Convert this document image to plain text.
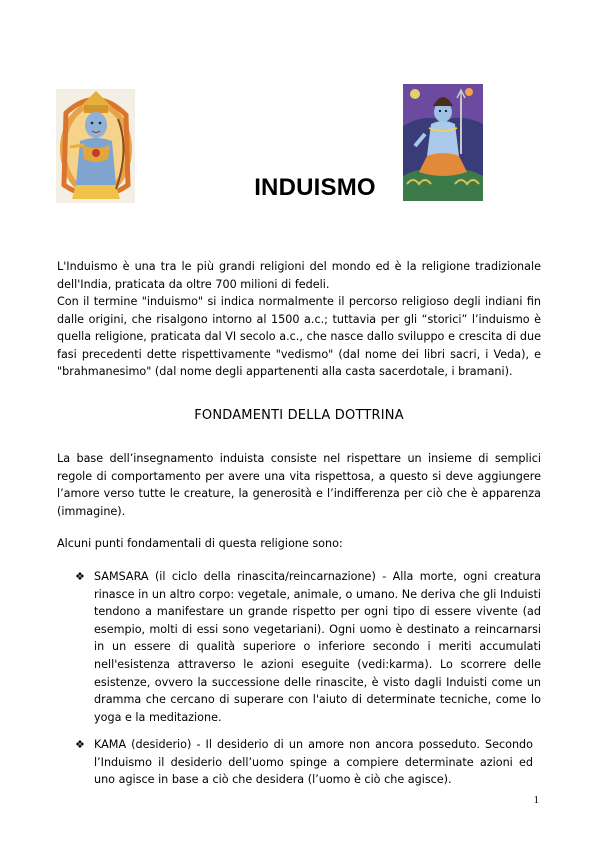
INDUISMO

L'Induismo è una tra le più grandi religioni del mondo ed è la religione tradizionale dell'India, praticata da oltre 700 milioni di fedeli.

Con il termine "induismo" si indica normalmente il percorso religioso degli indiani fin dalle origini, che risalgono intorno al 1500 a.c.; tuttavia per gli “storici” l’induismo è quella religione, praticata dal VI secolo a.c., che nasce dallo sviluppo e crescita di due fasi precedenti dette rispettivamente "vedismo" (dal nome dei libri sacri, i Veda), e "brahmanesimo" (dal nome degli appartenenti alla casta sacerdotale, i bramani).

FONDAMENTI DELLA DOTTRINA

La base dell’insegnamento induista consiste nel rispettare un insieme di semplici regole di comportamento per avere una vita rispettosa, a questo si deve aggiungere l’amore verso tutte le creature, la generosità e l’indifferenza per ciò che è apparenza (immagine).

Alcuni punti fondamentali di questa religione sono:

❖ SAMSARA (il ciclo della rinascita/reincarnazione) - Alla morte, ogni creatura rinasce in un altro corpo: vegetale, animale, o umano. Ne deriva che gli Induisti tendono a manifestare un grande rispetto per ogni tipo di essere vivente (ad esempio, molti di essi sono vegetariani). Ogni uomo è destinato a reincarnarsi in un essere di qualità superiore o inferiore secondo i meriti accumulati nell'esistenza attraverso le azioni eseguite (vedi:karma). Lo scorrere delle esistenze, ovvero la successione delle rinascite, è visto dagli Induisti come un dramma che cercano di superare con l'aiuto di determinate tecniche, come lo yoga e la meditazione.

❖ KAMA (desiderio) - Il desiderio di un amore non ancora posseduto. Secondo l’Induismo il desiderio dell’uomo spinge a compiere determinate azioni ed uno agisce in base a ciò che desidera (l’uomo è ciò che agisce).

1
